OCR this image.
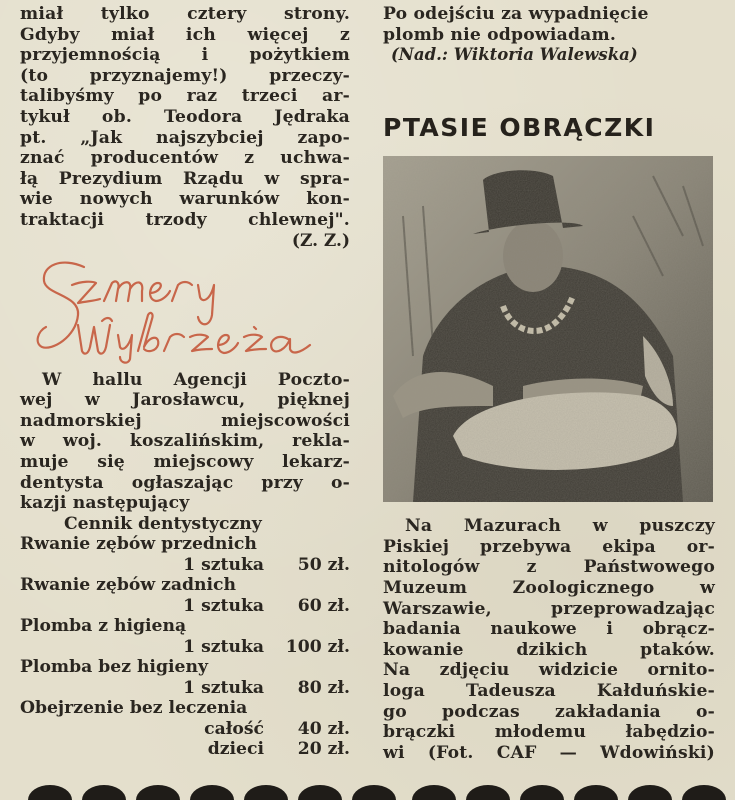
miał tylko cztery strony.
Gdyby miał ich więcej z
przyjemnością i pożytkiem
(to przyznajemy!) przeczy-
talibyśmy po raz trzeci ar-
tykuł ob. Teodora Jędraka
pt. „Jak najszybciej zapo-
znać producentów z uchwa-
łą Prezydium Rządu w spra-
wie nowych warunków kon-
traktacji trzody chlewnej".
(Z. Z.)
W hallu Agencji Poczto-
wej w Jarosławcu, pięknej
nadmorskiej miejscowości
w woj. koszalińskim, rekla-
muje się miejscowy lekarz-
dentysta ogłaszając przy o-
kazji następujący
Cennik dentystyczny
Rwanie zębów przednich
1 sztuka	50 zł.
Rwanie zębów zadnich
1 sztuka	60 zł.
Plomba z higieną
1 sztuka	100 zł.
Plomba bez higieny
1 sztuka	80 zł.
Obejrzenie bez leczenia
całość	40 zł.
dzieci	20 zł.
Po odejściu za wypadnięcie
plomb nie odpowiadam.
(Nad.: Wiktoria Walewska)
PTASIE OBRĄCZKI
Na Mazurach w puszczy
Piskiej przebywa ekipa or-
nitologów z Państwowego
Muzeum Zoologicznego w
Warszawie, przeprowadzając
badania naukowe i obrącz-
kowanie dzikich ptaków.
Na zdjęciu widzicie ornito-
loga Tadeusza Kałduńskie-
go podczas zakładania o-
brączki młodemu łabędzio-
wi (Fot. CAF — Wdowiński)
